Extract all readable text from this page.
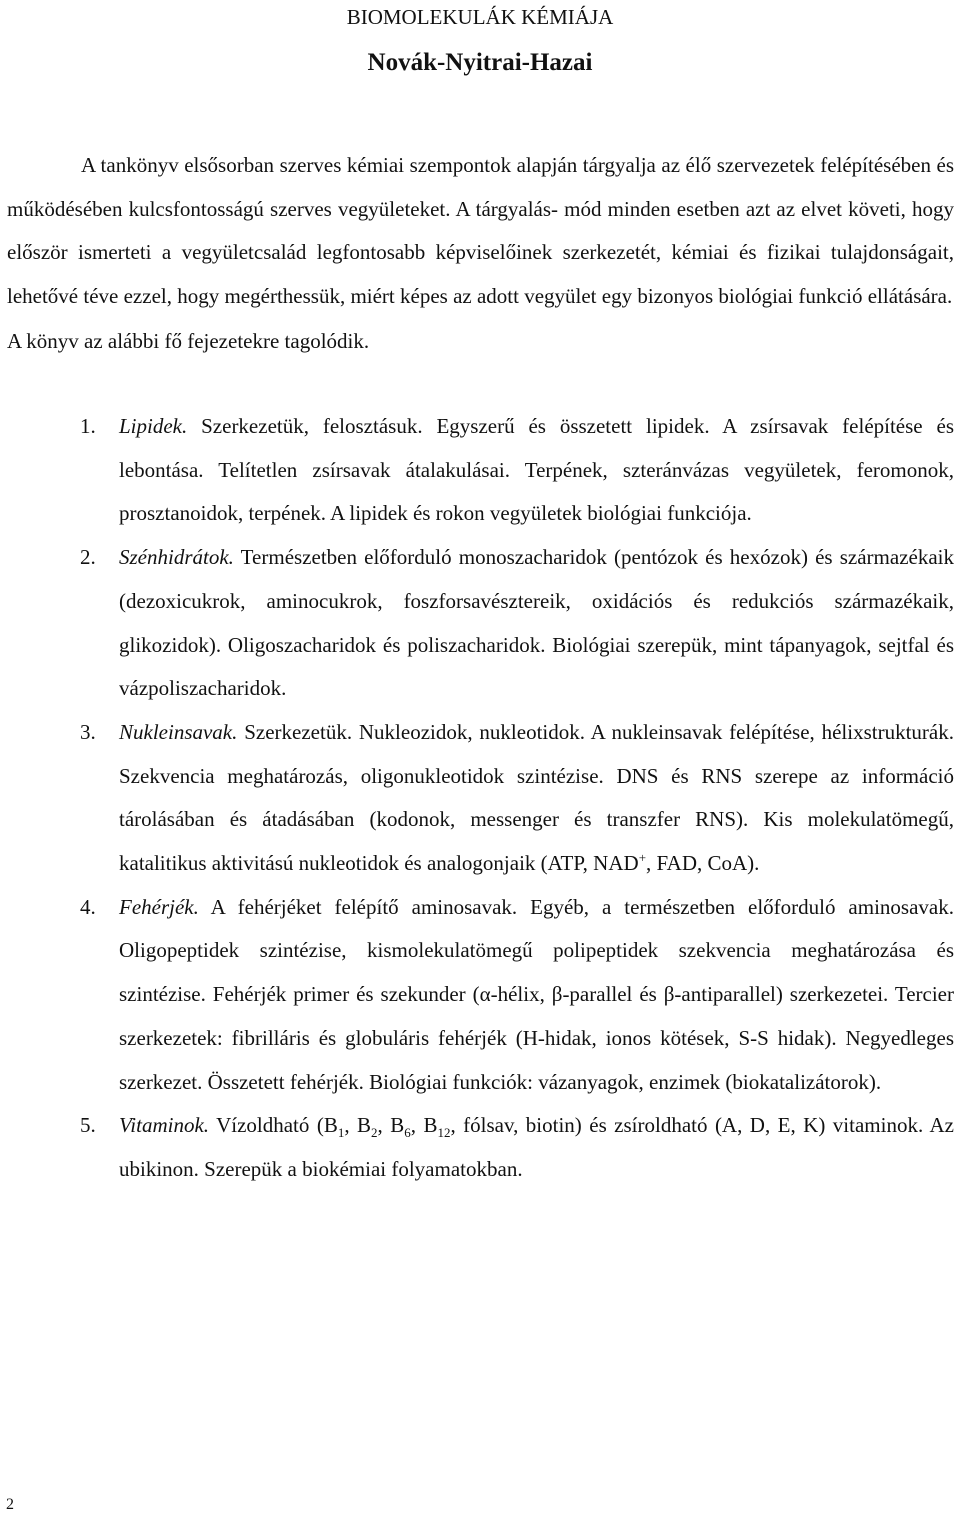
BIOMOLEKULÁK KÉMIÁJA
Novák-Nyitrai-Hazai

A tankönyv elsősorban szerves kémiai szempontok alapján tárgyalja az élő szervezetek felépítésében és működésében kulcsfontosságú szerves vegyületeket. A tárgyalás- mód minden esetben azt az elvet követi, hogy először ismerteti a vegyületcsalád legfontosabb képviselőinek szerkezetét, kémiai és fizikai tulajdonságait, lehetővé téve ezzel, hogy megérthessük, miért képes az adott vegyület egy bizonyos biológiai funkció ellátására.

A könyv az alábbi fő fejezetekre tagolódik.

1. Lipidek. Szerkezetük, felosztásuk. Egyszerű és összetett lipidek. A zsírsavak felépítése és lebontása. Telítetlen zsírsavak átalakulásai. Terpének, szteránvázas vegyületek, feromonok, prosztanoidok, terpének. A lipidek és rokon vegyületek biológiai funkciója.
2. Szénhidrátok. Természetben előforduló monoszacharidok (pentózok és hexózok) és származékaik (dezoxicukrok, aminocukrok, foszforsavésztereik, oxidációs és redukciós származékaik, glikozidok). Oligoszacharidok és poliszacharidok. Biológiai szerepük, mint tápanyagok, sejtfal és vázpoliszacharidok.
3. Nukleinsavak. Szerkezetük. Nukleozidok, nukleotidok. A nukleinsavak felépítése, hélixstrukturák. Szekvencia meghatározás, oligonukleotidok szintézise. DNS és RNS szerepe az információ tárolásában és átadásában (kodonok, messenger és transzfer RNS). Kis molekulatömegű, katalitikus aktivitású nukleotidok és analogonjaik (ATP, NAD+, FAD, CoA).
4. Fehérjék. A fehérjéket felépítő aminosavak. Egyéb, a természetben előforduló aminosavak. Oligopeptidek szintézise, kismolekulatömegű polipeptidek szekvencia meghatározása és szintézise. Fehérjék primer és szekunder (α-hélix, β-parallel és β-antiparallel) szerkezetei. Tercier szerkezetek: fibrilláris és globuláris fehérjék (H-hidak, ionos kötések, S-S hidak). Negyedleges szerkezet. Összetett fehérjék. Biológiai funkciók: vázanyagok, enzimek (biokatalizátorok).
5. Vitaminok. Vízoldható ($B_1$, $B_2$, $B_6$, $B_{12}$, fólsav, biotin) és zsíroldható (A, D, E, K) vitaminok. Az ubikinon. Szerepük a biokémiai folyamatokban.
2
